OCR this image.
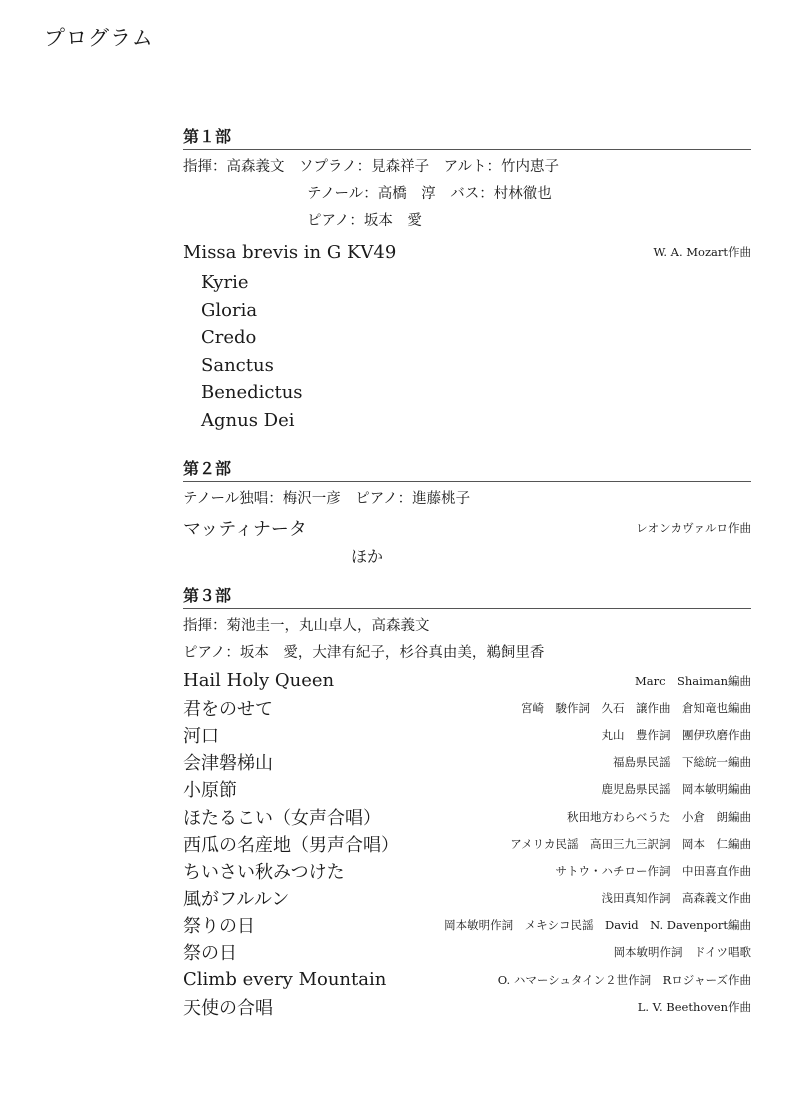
プログラム
第１部
指揮：高森義文　ソプラノ：見森祥子　アルト：竹内恵子
テノール：高橋　淳　バス：村林徹也
ピアノ：坂本　愛
Missa brevis in G KV49	W. A. Mozart作曲
Kyrie
Gloria
Credo
Sanctus
Benedictus
Agnus Dei
第２部
テノール独唱：梅沢一彦　ピアノ：進藤桃子
マッティナータ	レオンカヴァルロ作曲
ほか
第３部
指揮：菊池圭一，丸山卓人，高森義文
ピアノ：坂本　愛，大津有紀子，杉谷真由美，鵜飼里香
Hail Holy Queen	Marc　Shaiman編曲
君をのせて	宮崎　駿作詞　久石　譲作曲　倉知竜也編曲
河口	丸山　豊作詞　團伊玖磨作曲
会津磐梯山	福島県民謡　下総皖一編曲
小原節	鹿児島県民謡　岡本敏明編曲
ほたるこい（女声合唱）	秋田地方わらべうた　小倉　朗編曲
西瓜の名産地（男声合唱）	アメリカ民謡　高田三九三訳詞　岡本　仁編曲
ちいさい秋みつけた	サトウ・ハチロー作詞　中田喜直作曲
風がフルルン	浅田真知作詞　高森義文作曲
祭りの日	岡本敏明作詞　メキシコ民謡　David　N. Davenport編曲
祭の日	岡本敏明作詞　ドイツ唱歌
Climb every Mountain	O. ハマーシュタイン２世作詞　Rロジャーズ作曲
天使の合唱	L. V. Beethoven作曲
